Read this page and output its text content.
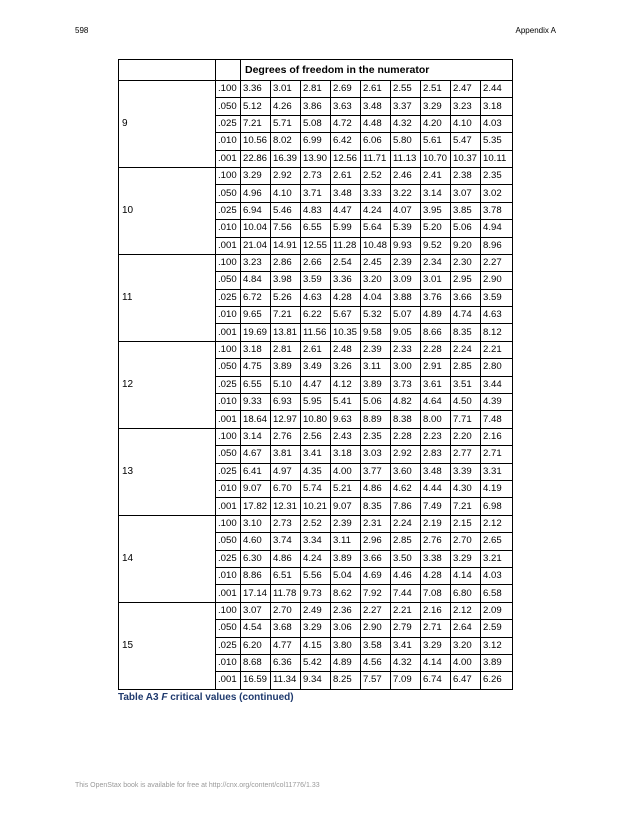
598	Appendix A
		Degrees of freedom in the numerator								
9	.100	3.36	3.01	2.81	2.69	2.61	2.55	2.51	2.47	2.44
	.050	5.12	4.26	3.86	3.63	3.48	3.37	3.29	3.23	3.18
	.025	7.21	5.71	5.08	4.72	4.48	4.32	4.20	4.10	4.03
	.010	10.56	8.02	6.99	6.42	6.06	5.80	5.61	5.47	5.35
	.001	22.86	16.39	13.90	12.56	11.71	11.13	10.70	10.37	10.11
10	.100	3.29	2.92	2.73	2.61	2.52	2.46	2.41	2.38	2.35
	.050	4.96	4.10	3.71	3.48	3.33	3.22	3.14	3.07	3.02
	.025	6.94	5.46	4.83	4.47	4.24	4.07	3.95	3.85	3.78
	.010	10.04	7.56	6.55	5.99	5.64	5.39	5.20	5.06	4.94
	.001	21.04	14.91	12.55	11.28	10.48	9.93	9.52	9.20	8.96
11	.100	3.23	2.86	2.66	2.54	2.45	2.39	2.34	2.30	2.27
	.050	4.84	3.98	3.59	3.36	3.20	3.09	3.01	2.95	2.90
	.025	6.72	5.26	4.63	4.28	4.04	3.88	3.76	3.66	3.59
	.010	9.65	7.21	6.22	5.67	5.32	5.07	4.89	4.74	4.63
	.001	19.69	13.81	11.56	10.35	9.58	9.05	8.66	8.35	8.12
12	.100	3.18	2.81	2.61	2.48	2.39	2.33	2.28	2.24	2.21
	.050	4.75	3.89	3.49	3.26	3.11	3.00	2.91	2.85	2.80
	.025	6.55	5.10	4.47	4.12	3.89	3.73	3.61	3.51	3.44
	.010	9.33	6.93	5.95	5.41	5.06	4.82	4.64	4.50	4.39
	.001	18.64	12.97	10.80	9.63	8.89	8.38	8.00	7.71	7.48
13	.100	3.14	2.76	2.56	2.43	2.35	2.28	2.23	2.20	2.16
	.050	4.67	3.81	3.41	3.18	3.03	2.92	2.83	2.77	2.71
	.025	6.41	4.97	4.35	4.00	3.77	3.60	3.48	3.39	3.31
	.010	9.07	6.70	5.74	5.21	4.86	4.62	4.44	4.30	4.19
	.001	17.82	12.31	10.21	9.07	8.35	7.86	7.49	7.21	6.98
14	.100	3.10	2.73	2.52	2.39	2.31	2.24	2.19	2.15	2.12
	.050	4.60	3.74	3.34	3.11	2.96	2.85	2.76	2.70	2.65
	.025	6.30	4.86	4.24	3.89	3.66	3.50	3.38	3.29	3.21
	.010	8.86	6.51	5.56	5.04	4.69	4.46	4.28	4.14	4.03
	.001	17.14	11.78	9.73	8.62	7.92	7.44	7.08	6.80	6.58
15	.100	3.07	2.70	2.49	2.36	2.27	2.21	2.16	2.12	2.09
	.050	4.54	3.68	3.29	3.06	2.90	2.79	2.71	2.64	2.59
	.025	6.20	4.77	4.15	3.80	3.58	3.41	3.29	3.20	3.12
	.010	8.68	6.36	5.42	4.89	4.56	4.32	4.14	4.00	3.89
	.001	16.59	11.34	9.34	8.25	7.57	7.09	6.74	6.47	6.26
Table A3 F critical values (continued)
This OpenStax book is available for free at http://cnx.org/content/col11776/1.33
